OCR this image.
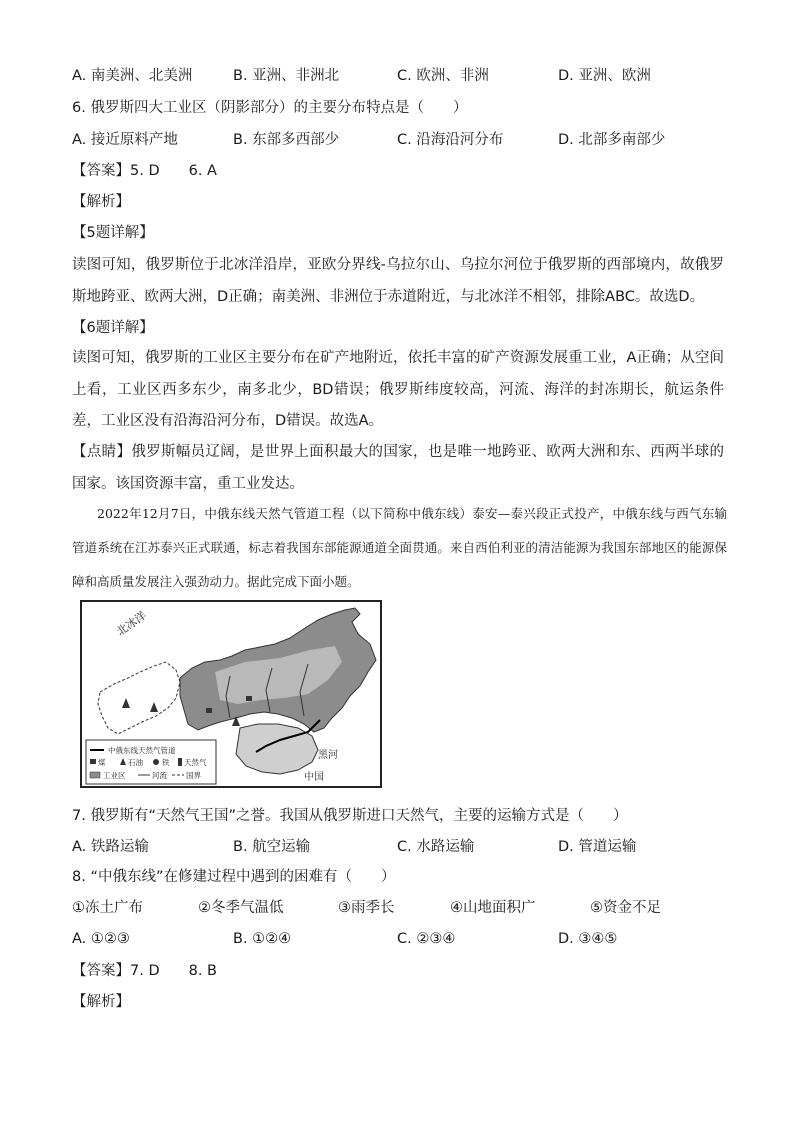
A. 南美洲、北美洲	B. 亚洲、非洲北	C. 欧洲、非洲	D. 亚洲、欧洲
6. 俄罗斯四大工业区（阴影部分）的主要分布特点是（　　）
A. 接近原料产地	B. 东部多西部少	C. 沿海沿河分布	D. 北部多南部少
【答案】5. D　　6. A
【解析】
【5题详解】
读图可知，俄罗斯位于北冰洋沿岸，亚欧分界线-乌拉尔山、乌拉尔河位于俄罗斯的西部境内，故俄罗斯地跨亚、欧两大洲，D正确；南美洲、非洲位于赤道附近，与北冰洋不相邻，排除ABC。故选D。
【6题详解】
读图可知，俄罗斯的工业区主要分布在矿产地附近，依托丰富的矿产资源发展重工业，A正确；从空间上看，工业区西多东少，南多北少，BD错误；俄罗斯纬度较高，河流、海洋的封冻期长，航运条件差，工业区没有沿海沿河分布，D错误。故选A。
【点睛】俄罗斯幅员辽阔，是世界上面积最大的国家，也是唯一地跨亚、欧两大洲和东、西两半球的国家。该国资源丰富，重工业发达。
2022年12月7日，中俄东线天然气管道工程（以下简称中俄东线）泰安—泰兴段正式投产，中俄东线与西气东输管道系统在江苏泰兴正式联通，标志着我国东部能源通道全面贯通。来自西伯利亚的清洁能源为我国东部地区的能源保障和高质量发展注入强劲动力。据此完成下面小题。
北冰洋
中俄东线天然气管道
煤	石油	铁 天然气
工业区	河流	国界
黑河
中国
7. 俄罗斯有“天然气王国”之誉。我国从俄罗斯进口天然气，主要的运输方式是（　　）
A. 铁路运输	B. 航空运输	C. 水路运输	D. 管道运输
8. “中俄东线”在修建过程中遇到的困难有（　　）
①冻土广布	②冬季气温低	③雨季长	④山地面积广	⑤资金不足
A. ①②③	B. ①②④	C. ②③④	D. ③④⑤
【答案】7. D　　8. B
【解析】
